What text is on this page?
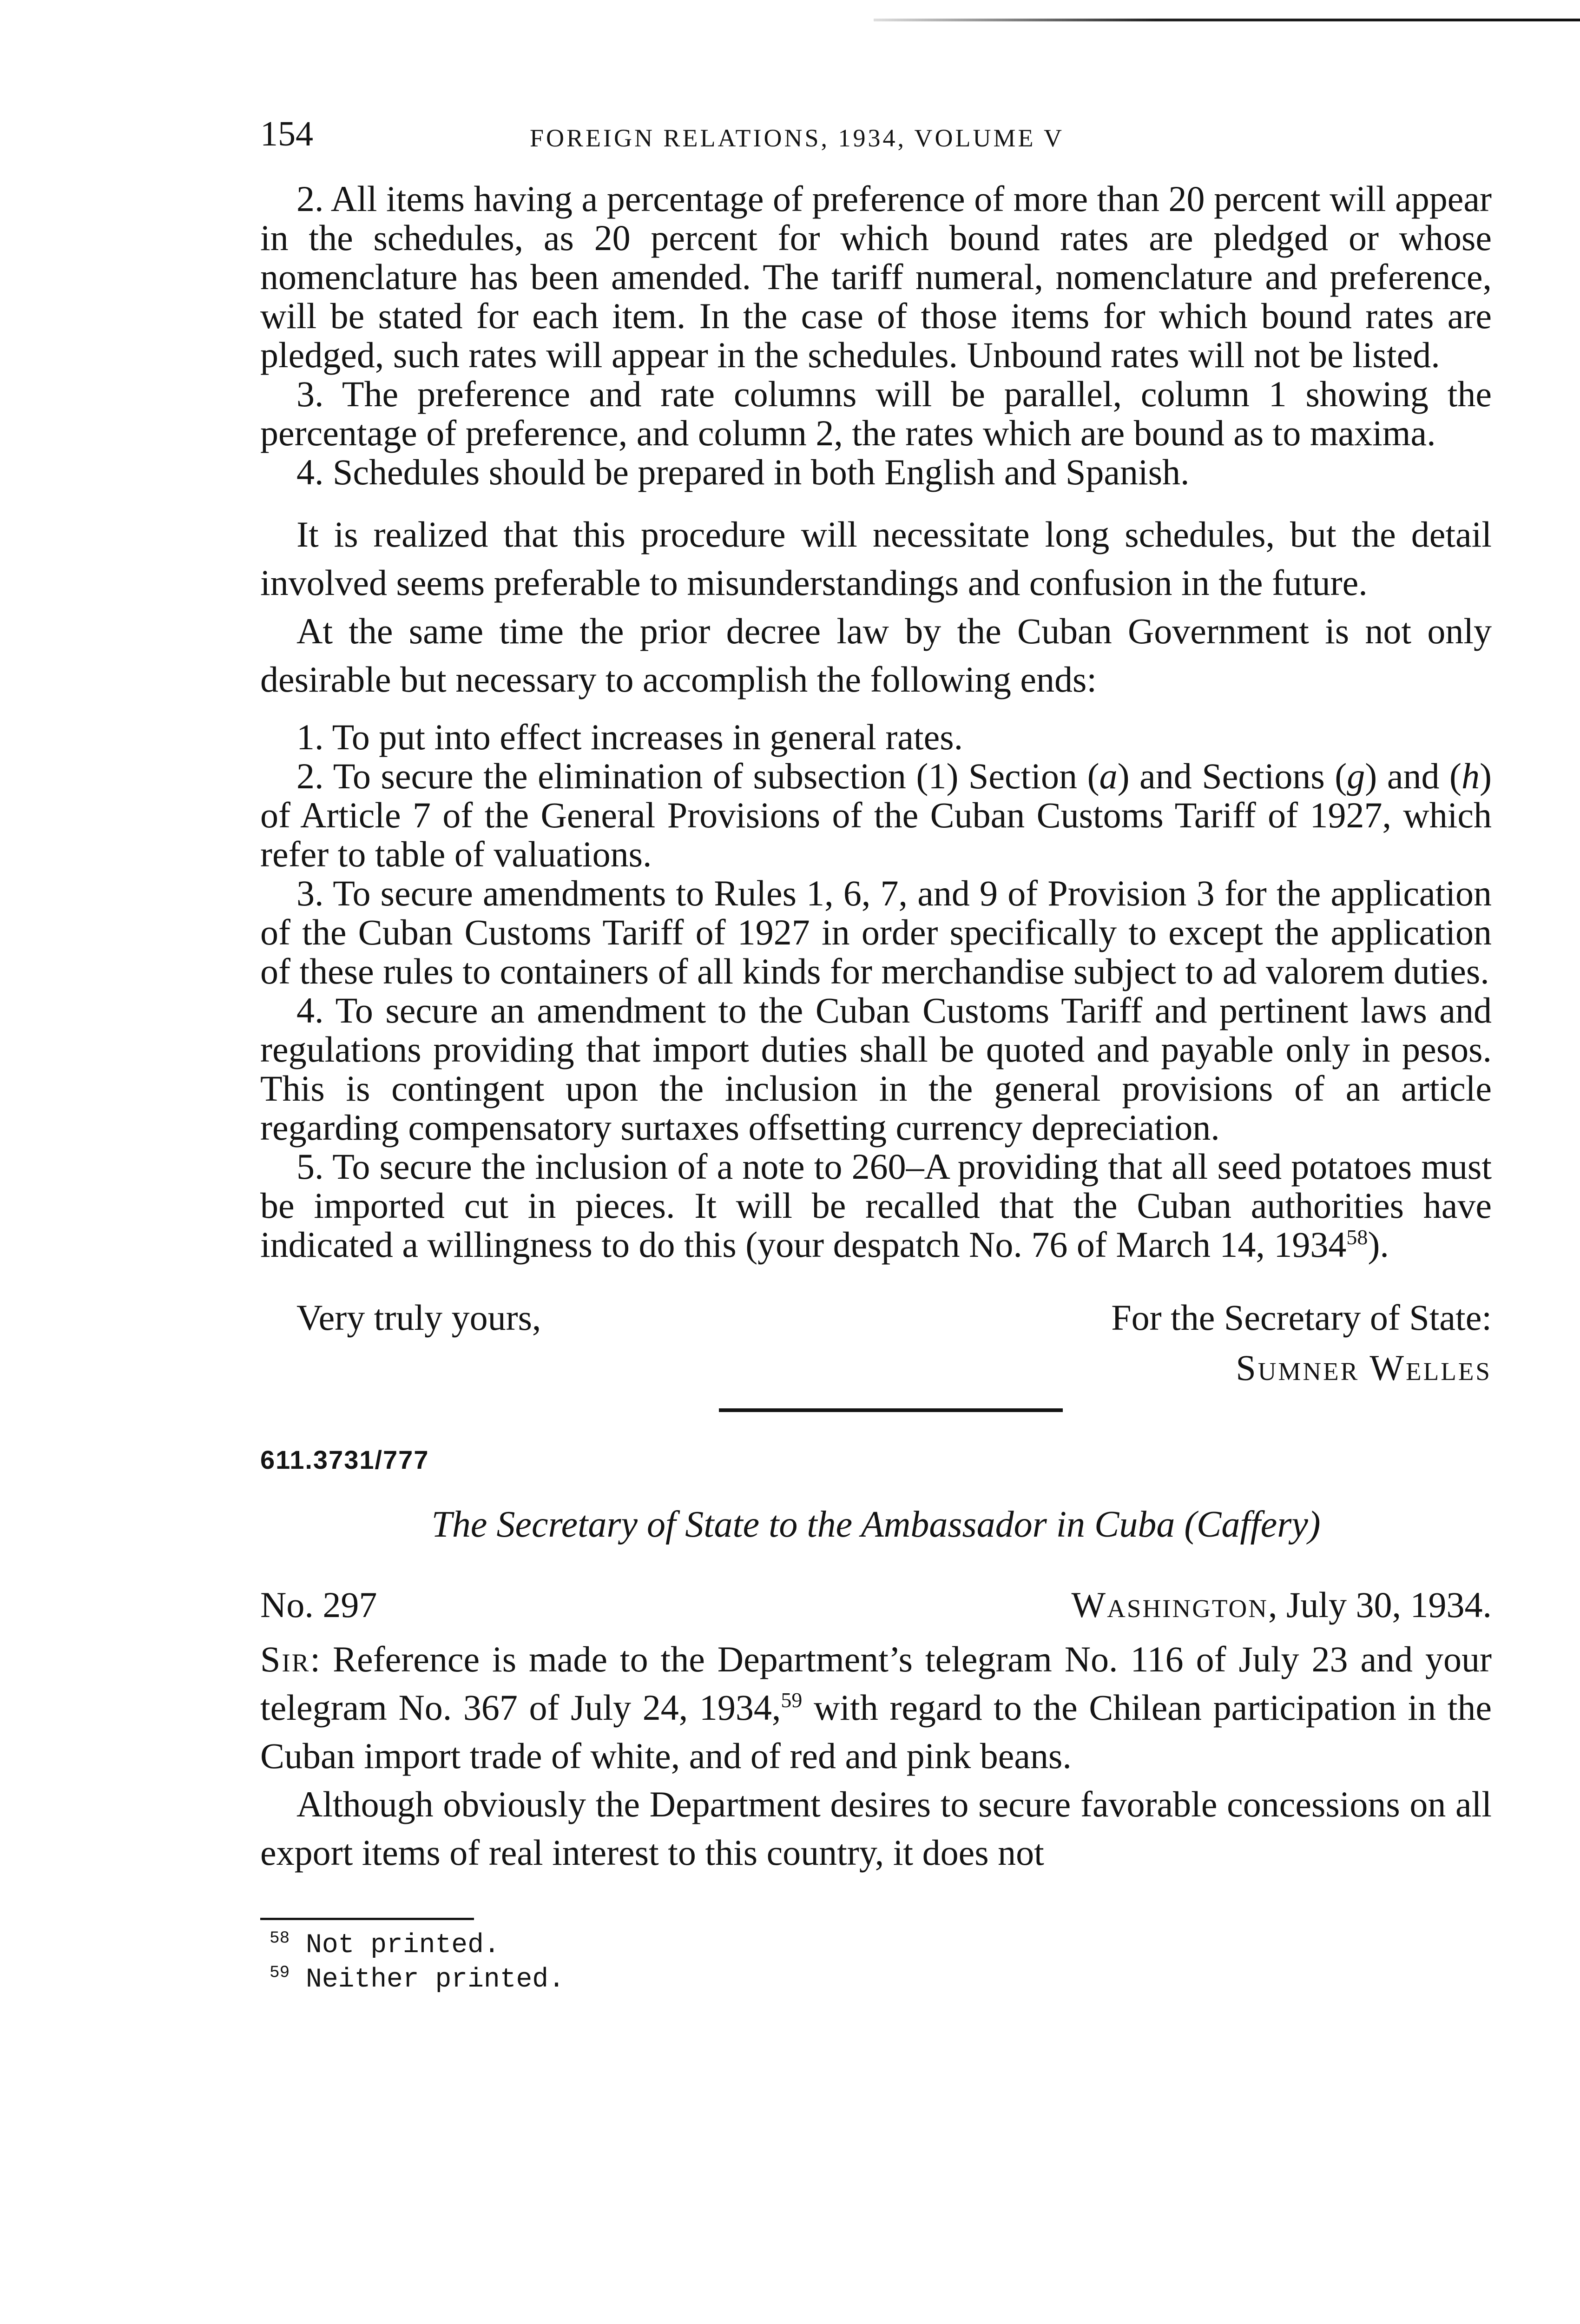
154	FOREIGN RELATIONS, 1934, VOLUME V

2. All items having a percentage of preference of more than 20 percent will appear in the schedules, as 20 percent for which bound rates are pledged or whose nomenclature has been amended. The tariff numeral, nomenclature and preference, will be stated for each item. In the case of those items for which bound rates are pledged, such rates will appear in the schedules. Unbound rates will not be listed.

3. The preference and rate columns will be parallel, column 1 showing the percentage of preference, and column 2, the rates which are bound as to maxima.

4. Schedules should be prepared in both English and Spanish.

It is realized that this procedure will necessitate long schedules, but the detail involved seems preferable to misunderstandings and confusion in the future.

At the same time the prior decree law by the Cuban Government is not only desirable but necessary to accomplish the following ends:

1. To put into effect increases in general rates.

2. To secure the elimination of subsection (1) Section (a) and Sections (g) and (h) of Article 7 of the General Provisions of the Cuban Customs Tariff of 1927, which refer to table of valuations.

3. To secure amendments to Rules 1, 6, 7, and 9 of Provision 3 for the application of the Cuban Customs Tariff of 1927 in order specifically to except the application of these rules to containers of all kinds for merchandise subject to ad valorem duties.

4. To secure an amendment to the Cuban Customs Tariff and pertinent laws and regulations providing that import duties shall be quoted and payable only in pesos. This is contingent upon the inclusion in the general provisions of an article regarding compensatory surtaxes offsetting currency depreciation.

5. To secure the inclusion of a note to 260–A providing that all seed potatoes must be imported cut in pieces. It will be recalled that the Cuban authorities have indicated a willingness to do this (your despatch No. 76 of March 14, 1934$^{58}$).

Very truly yours,	For the Secretary of State:
Sumner Welles
611.3731/777
The Secretary of State to the Ambassador in Cuba (Caffery)
No. 297	Washington, July 30, 1934.

Sir: Reference is made to the Department’s telegram No. 116 of July 23 and your telegram No. 367 of July 24, 1934,59 with regard to the Chilean participation in the Cuban import trade of white, and of red and pink beans.

Although obviously the Department desires to secure favorable concessions on all export items of real interest to this country, it does not

$^{58}$ Not printed.
$^{59}$ Neither printed.
